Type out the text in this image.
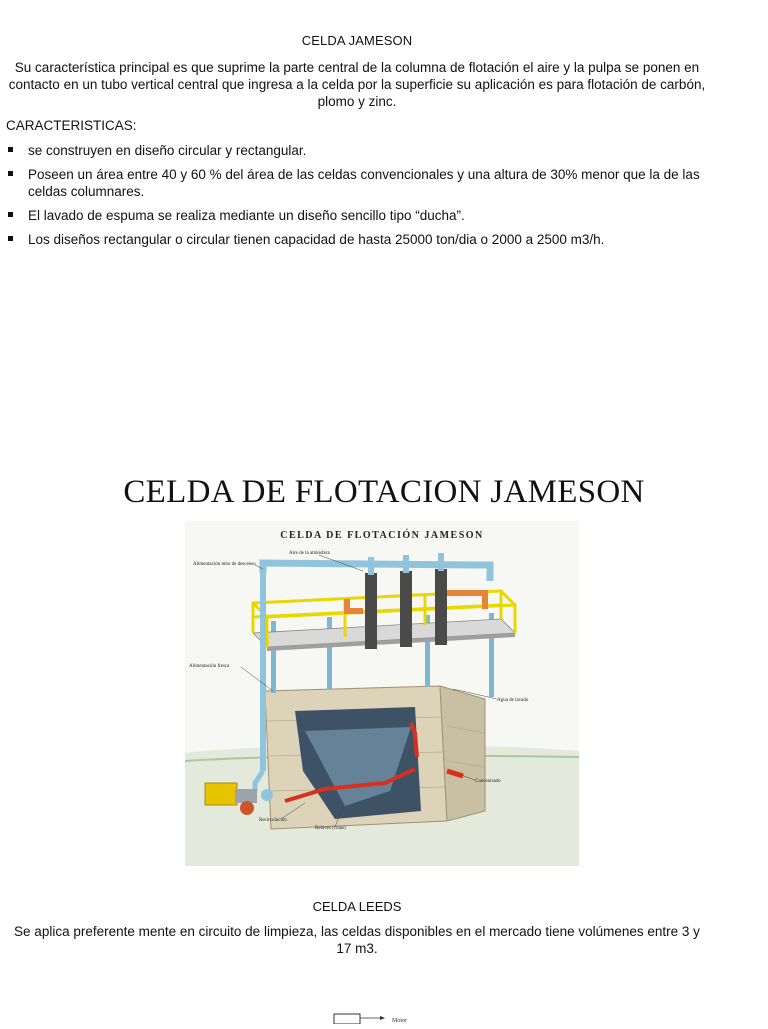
CELDA JAMESON
Su característica principal es que suprime la parte central de la columna de flotación el aire y la pulpa se ponen en contacto en un tubo vertical central que ingresa a la celda por la superficie su aplicación es para flotación de carbón, plomo y zinc.
CARACTERISTICAS:
se construyen en diseño circular y rectangular.
Poseen un área entre 40 y 60 % del área de las celdas convencionales y una altura de 30% menor que la de las celdas columnares.
El lavado de espuma se realiza mediante un diseño sencillo tipo “ducha”.
Los diseños rectangular o circular tienen capacidad de hasta 25000 ton/dia o 2000 a 2500 m3/h.
CELDA DE FLOTACION JAMESON
CELDA DE FLOTACIÓN JAMESON
Alimentación tubo de descenso
Aire de la atmósfera
Alimentación fresca
Agua de lavado
Concentrado
Recirculación
Relaves (colas)
CELDA LEEDS
Se aplica preferente mente en circuito de limpieza, las celdas disponibles en el mercado tiene volúmenes entre 3 y 17 m3.
Motor
